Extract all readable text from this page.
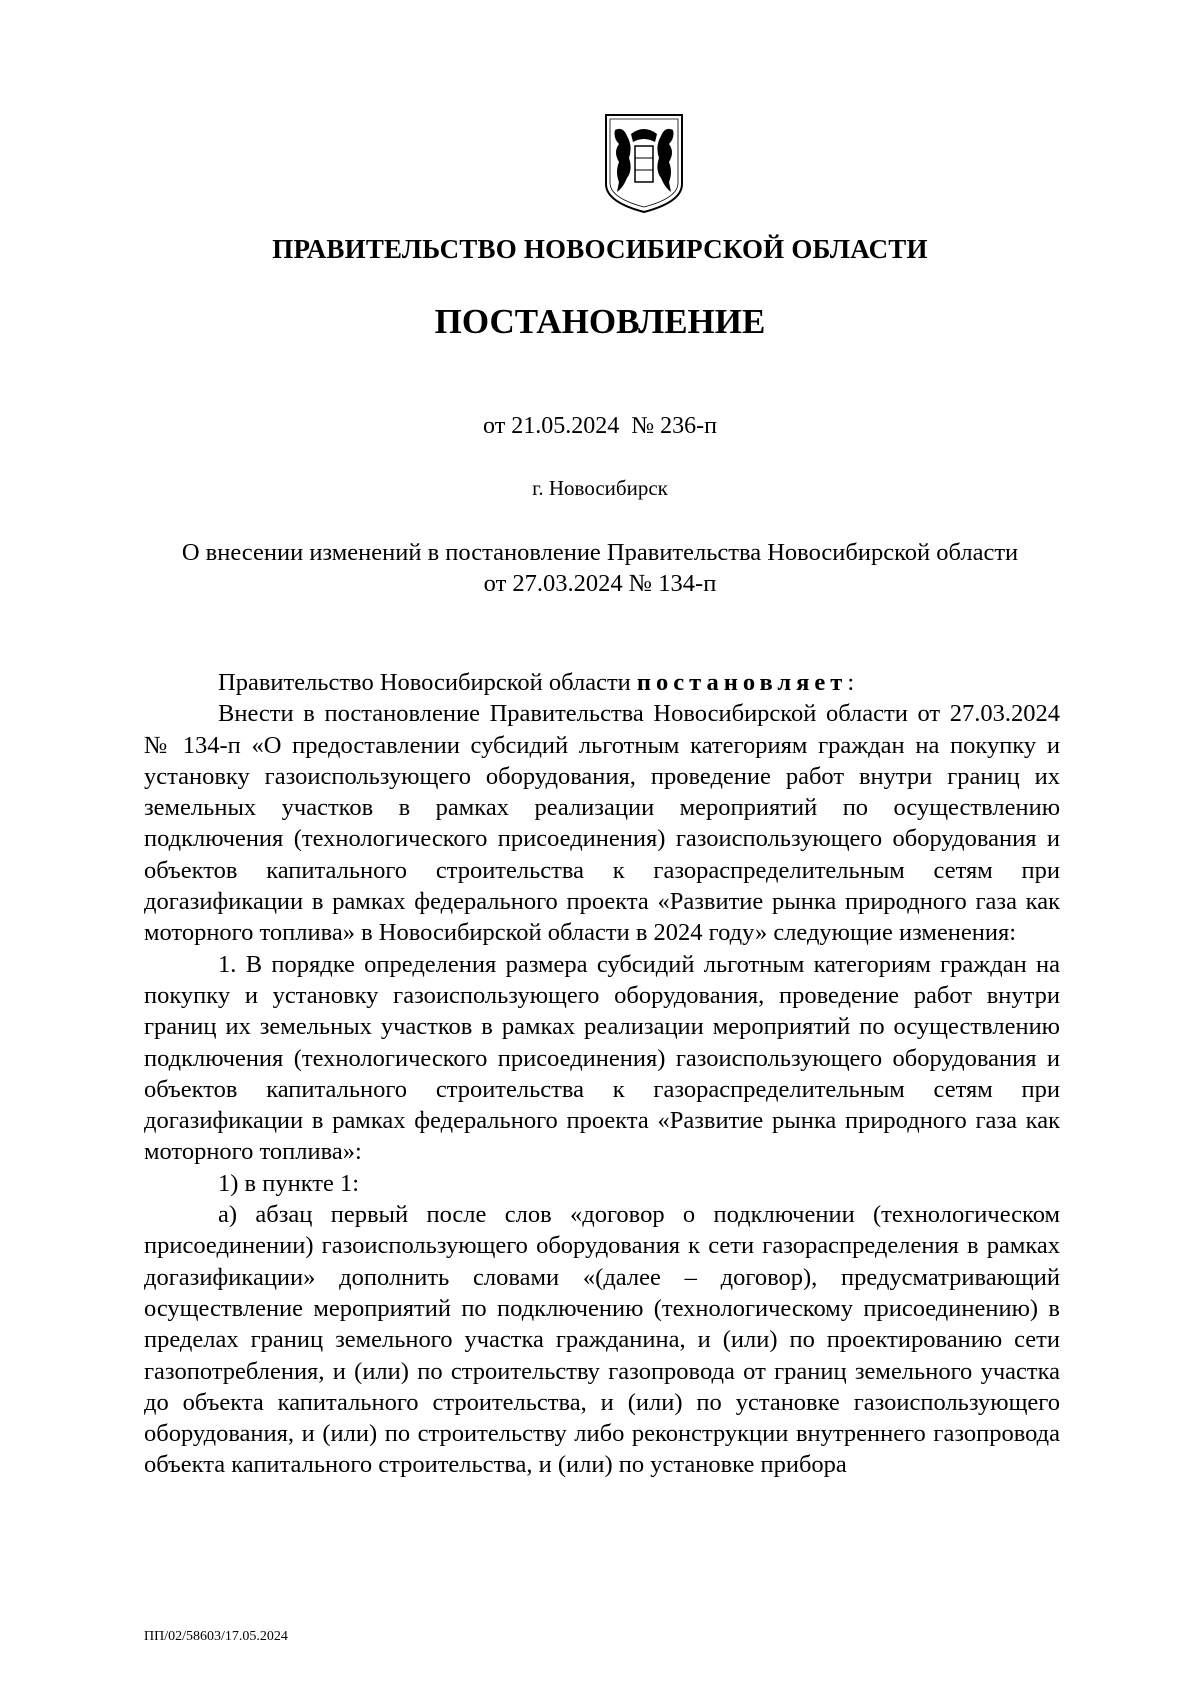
ПРАВИТЕЛЬСТВО НОВОСИБИРСКОЙ ОБЛАСТИ
ПОСТАНОВЛЕНИЕ
от 21.05.2024  № 236-п
г. Новосибирск
О внесении изменений в постановление Правительства Новосибирской области
от 27.03.2024 № 134-п

Правительство Новосибирской области постановляет:

Внести в постановление Правительства Новосибирской области от 27.03.2024 № 134-п «О предоставлении субсидий льготным категориям граждан на покупку и установку газоиспользующего оборудования, проведение работ внутри границ их земельных участков в рамках реализации мероприятий по осуществлению подключения (технологического присоединения) газоиспользующего оборудования и объектов капитального строительства к газораспределительным сетям при догазификации в рамках федерального проекта «Развитие рынка природного газа как моторного топлива» в Новосибирской области в 2024 году» следующие изменения:

1. В порядке определения размера субсидий льготным категориям граждан на покупку и установку газоиспользующего оборудования, проведение работ внутри границ их земельных участков в рамках реализации мероприятий по осуществлению подключения (технологического присоединения) газоиспользующего оборудования и объектов капитального строительства к газораспределительным сетям при догазификации в рамках федерального проекта «Развитие рынка природного газа как моторного топлива»:

1) в пункте 1:

а) абзац первый после слов «договор о подключении (технологическом присоединении) газоиспользующего оборудования к сети газораспределения в рамках догазификации» дополнить словами «(далее – договор), предусматривающий осуществление мероприятий по подключению (технологическому присоединению) в пределах границ земельного участка гражданина, и (или) по проектированию сети газопотребления, и (или) по строительству газопровода от границ земельного участка до объекта капитального строительства, и (или) по установке газоиспользующего оборудования, и (или) по строительству либо реконструкции внутреннего газопровода объекта капитального строительства, и (или) по установке прибора

ПП/02/58603/17.05.2024
